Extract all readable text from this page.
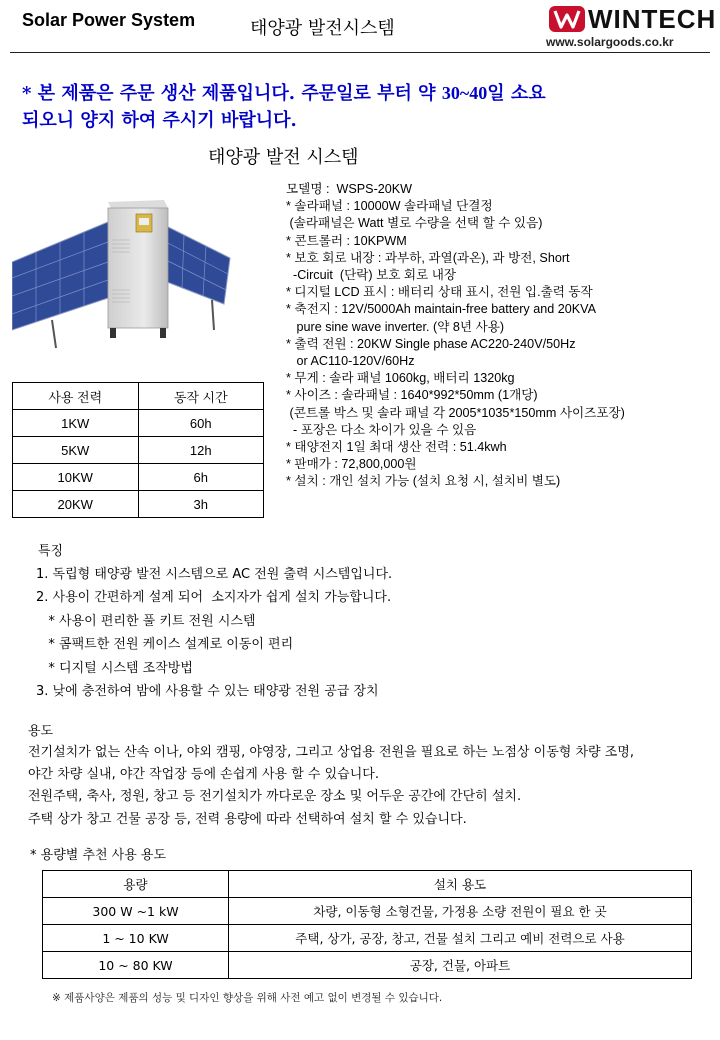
Solar Power System	태양광 발전시스템	WINTECH
www.solargoods.co.kr
* 본 제품은 주문 생산 제품입니다. 주문일로 부터 약 30~40일 소요
되오니 양지 하여 주시기 바랍니다.
태양광 발전 시스템
모델명 :  WSPS-20KW
* 솔라패널 : 10000W 솔라패널 단결정
(솔라패널은 Watt 별로 수량을 선택 할 수 있음)
* 콘트롤러 : 10KPWM
* 보호 회로 내장 : 과부하, 과열(과온), 과 방전, Short
-Circuit  (단락) 보호 회로 내장
* 디지털 LCD 표시 : 배터리 상태 표시, 전원 입.출력 동작
* 축전지 : 12V/5000Ah maintain-free battery and 20KVA
pure sine wave inverter. (약 8년 사용)
* 출력 전원 : 20KW Single phase AC220-240V/50Hz
or AC110-120V/60Hz
* 무게 : 솔라 패널 1060kg, 배터리 1320kg
* 사이즈 : 솔라패널 : 1640*992*50mm (1개당)
(콘트롤 박스 및 솔라 패널 각 2005*1035*150mm 사이즈포장)
- 포장은 다소 차이가 있을 수 있음
* 태양전지 1일 최대 생산 전력 : 51.4kwh
* 판매가 : 72,800,000원
* 설치 : 개인 설치 가능 (설치 요청 시, 설치비 별도)
사용 전력	동작 시간
1KW	60h
5KW	12h
10KW	6h
20KW	3h
특징
1. 독립형 태양광 발전 시스템으로 AC 전원 출력 시스템입니다.
2. 사용이 간편하게 설계 되어  소지자가 쉽게 설치 가능합니다.
* 사용이 편리한 풀 키트 전원 시스템
* 콤팩트한 전원 케이스 설계로 이동이 편리
* 디지털 시스템 조작방법
3. 낮에 충전하여 밤에 사용할 수 있는 태양광 전원 공급 장치
용도
전기설치가 없는 산속 이나, 야외 캠핑, 야영장, 그리고 상업용 전원을 필요로 하는 노점상 이동형 차량 조명,
야간 차량 실내, 야간 작업장 등에 손쉽게 사용 할 수 있습니다.
전원주택, 축사, 정원, 창고 등 전기설치가 까다로운 장소 및 어두운 공간에 간단히 설치.
주택 상가 창고 건물 공장 등, 전력 용량에 따라 선택하여 설치 할 수 있습니다.
* 용량별 추천 사용 용도
용량	설치 용도
300 W ~1 kW	차량, 이동형 소형건물, 가정용 소량 전원이 필요 한 곳
1 ~ 10 KW	주택, 상가, 공장, 창고, 건물 설치 그리고 예비 전력으로 사용
10 ~ 80 KW	공장, 건물, 아파트
※ 제품사양은 제품의 성능 및 디자인 향상을 위해 사전 예고 없이 변경될 수 있습니다.
